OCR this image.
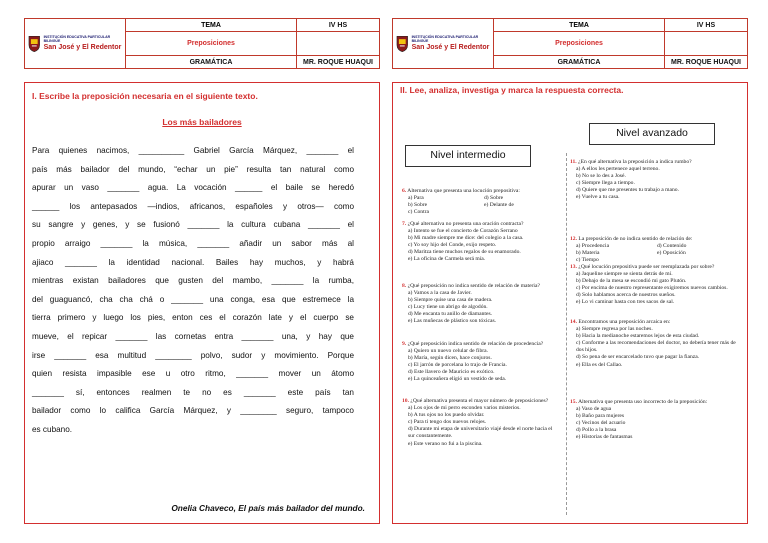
INSTITUCIÓN EDUCATIVA PARTICULAR BILINGÜE
San José y El Redentor	TEMA	IV HS
	Preposiciones	
	GRAMÁTICA	MR. ROQUE HUAQUI
I. Escribe la preposición necesaria en el siguiente texto.
Los más bailadores
Para quienes nacimos, __________ Gabriel García Márquez, _______ el
país más bailador del mundo, “echar un pie” resulta tan natural como
apurar un vaso _______ agua. La vocación ______ el baile se heredó
______ los antepasados —indios, africanos, españoles y otros— como
su sangre y genes, y se fusionó _______ la cultura cubana _______ el
propio arraigo _______ la música, _______ añadir un sabor más al
ajiaco _______ la identidad nacional. Bailes hay muchos, y habrá
mientras existan bailadores que gusten del mambo, _______ la rumba,
del guaguancó, cha cha chá o _______ una conga, esa que estremece la
tierra primero y luego los pies, enton ces el corazón late y el cuerpo se
mueve, el repicar _______ las cornetas entra _______ una, y hay que
irse _______ esa multitud ________ polvo, sudor y movimiento. Porque
quien resista impasible ese u otro ritmo, _______ mover un átomo
_______ sí, entonces realmen te no es _______ este país tan
bailador como lo califica García Márquez, y ________ seguro, tampoco
es cubano.
Onelia Chaveco, El país más bailador del mundo.
INSTITUCIÓN EDUCATIVA PARTICULAR BILINGÜE
San José y El Redentor	TEMA	IV HS
	Preposiciones	
	GRAMÁTICA	MR. ROQUE HUAQUI
II. Lee, analiza, investiga y marca la respuesta correcta.
Nivel avanzado
Nivel intermedio
6. Alternativa que presenta una locución prepositiva:
a) Para	d) Sobre
b) Sobre	e) Delante de
c) Contra
7. ¿Qué alternativa no presenta una oración contracta?
a) Intento se fue el concierto de Corazón Serrano
b) Mi madre siempre me dice: del colegio a la casa.
c) Yo soy hijo del Conde, exijo respeto.
d) Maritza tiene muchos regalos de su enamorado.
e) La oficina de Carmela será mía.
8. ¿Qué preposición no indica sentido de relación de materia?
a) Vamos a la casa de Javier.
b) Siempre quise una casa de madera.
c) Lucy tiene un abrigo de algodón.
d) Me encanta tu anillo de diamantes.
e) Las muñecas de plástico son tóxicas.
9. ¿Qué preposición indica sentido de relación de procedencia?
a) Quiero un nuevo celular de fibra.
b) María, según dicen, hace conjuros.
c) El jarrón de porcelana lo trajo de Francia.
d) Este llavero de Mauricio es exótico.
e) La quinceañera eligió un vestido de seda.
10. ¿Qué alternativa presenta el mayor número de preposiciones?
a) Los ojos de mi perro esconden varios misterios.
b) A tus ojos no los puedo olvidar.
c) Para ti tengo dos nuevos relojes.
d) Durante mi etapa de universitario viajé desde el norte hacia el sur constantemente.
e) Este verano no fui a la piscina.
11. ¿En qué alternativa la preposición a indica rumbo?
a) A ellos les pertenece aquel terreno.
b) No se lo des a José.
c) Siempre llega a tiempo.
d) Quiere que me presentes tu trabajo a mano.
e) Vuelve a tu casa.
12. La preposición de no indica sentido de relación de:
a) Procedencia	d) Contenido
b) Materia	e) Oposición
c) Tiempo
13. ¿Qué locución prepositiva puede ser reemplazada por sobre?
a) Jaqueline siempre se sienta detrás de mí.
b) Debajo de la mesa se escondió mi gato Plutón.
c) Por encima de nuestro representante exigiremos nuevos cambios.
d) Solo hablamos acerca de nuestros sueños.
e) Lo vi caminar hasta con tres sacos de sal.
14. Encontramos una preposición arcaica en:
a) Siempre regresa por las noches.
b) Hacia la medianoche estaremos lejos de esta ciudad.
c) Conforme a las recomendaciones del doctor, no debería tener más de dos hijos.
d) So pena de ser encarcelado tuvo que pagar la fianza.
e) Ella es del Callao.
15. Alternativa que presenta uso incorrecto de la preposición:
a) Vaso de agua
b) Baño para mujeres
c) Vecinos del acuario
d) Pollo a la brasa
e) Historias de fantasmas
